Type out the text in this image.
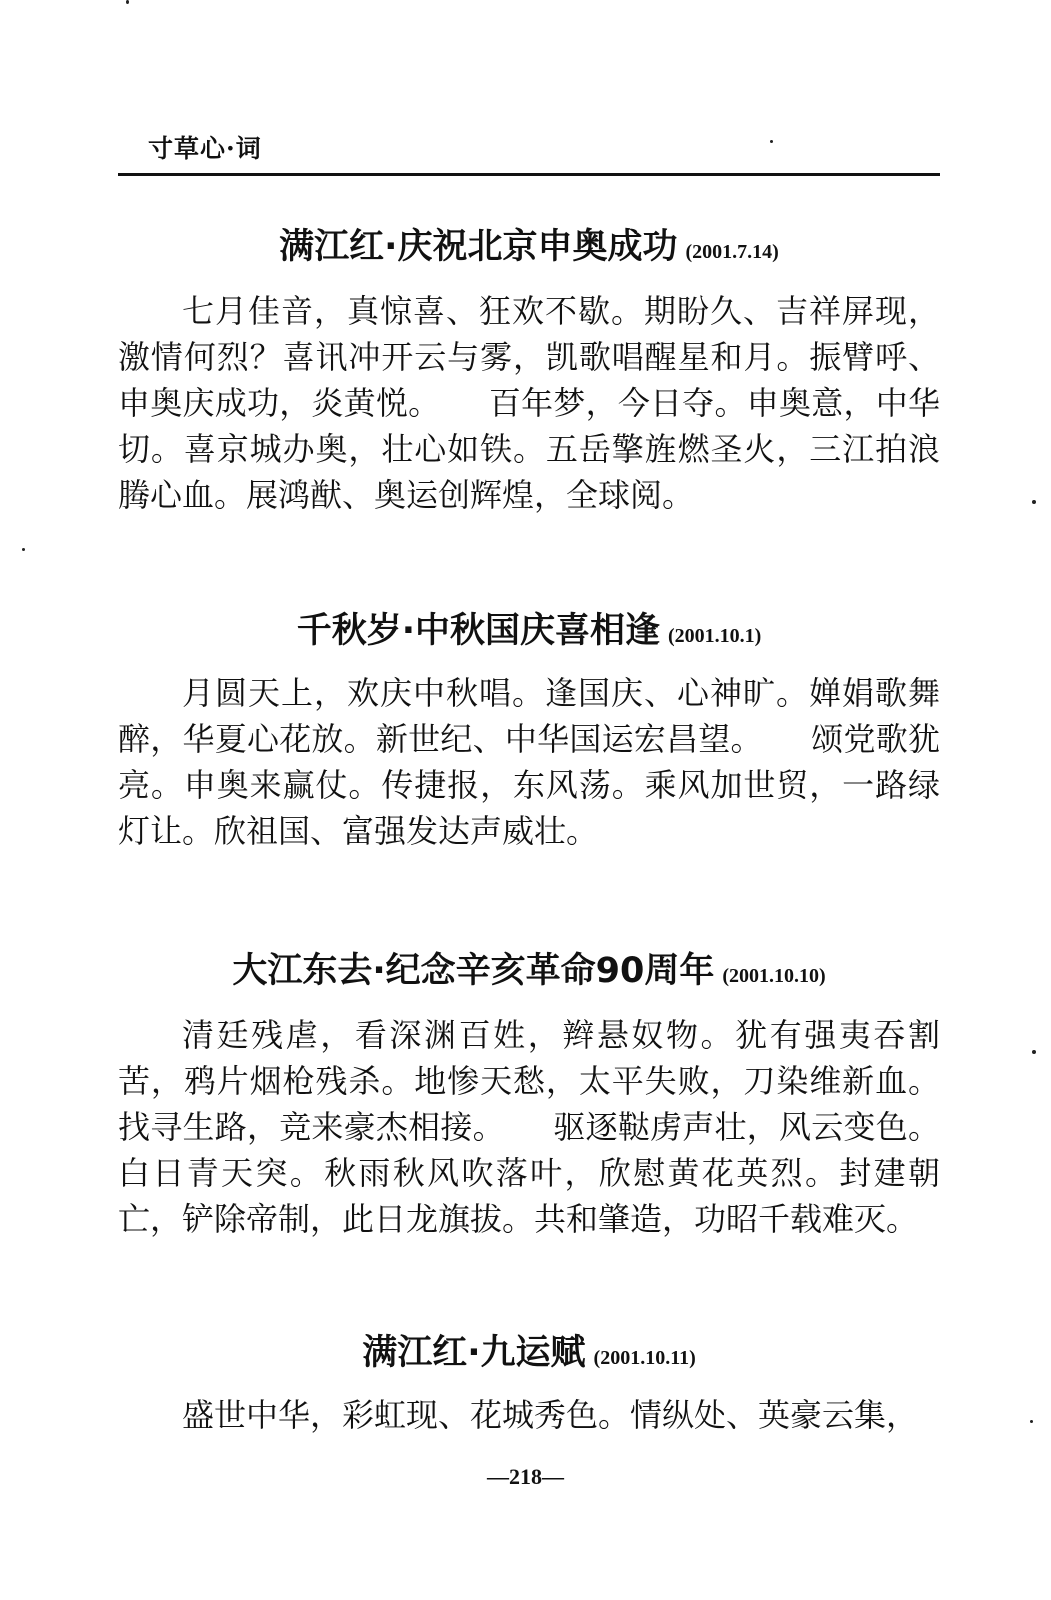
寸草心·词
满江红·庆祝北京申奥成功 (2001.7.14)

七月佳音，真惊喜、狂欢不歇。期盼久、吉祥屏现，激情何烈？喜讯冲开云与雾，凯歌唱醒星和月。振臂呼、申奥庆成功，炎黄悦。　　百年梦，今日夺。申奥意，中华切。喜京城办奥，壮心如铁。五岳擎旌燃圣火，三江拍浪腾心血。展鸿猷、奥运创辉煌，全球阅。

千秋岁·中秋国庆喜相逢 (2001.10.1)

月圆天上，欢庆中秋唱。逢国庆、心神旷。婵娟歌舞醉，华夏心花放。新世纪、中华国运宏昌望。　　颂党歌犹亮。申奥来赢仗。传捷报，东风荡。乘风加世贸，一路绿灯让。欣祖国、富强发达声威壮。

大江东去·纪念辛亥革命90周年 (2001.10.10)

清廷残虐，看深渊百姓，辫悬奴物。犹有强夷吞割苦，鸦片烟枪残杀。地惨天愁，太平失败，刀染维新血。找寻生路，竞来豪杰相接。　　驱逐鞑虏声壮，风云变色。白日青天突。秋雨秋风吹落叶，欣慰黄花英烈。封建朝亡，铲除帝制，此日龙旗拔。共和肇造，功昭千载难灭。

满江红·九运赋 (2001.10.11)

盛世中华，彩虹现、花城秀色。情纵处、英豪云集，

—218—
